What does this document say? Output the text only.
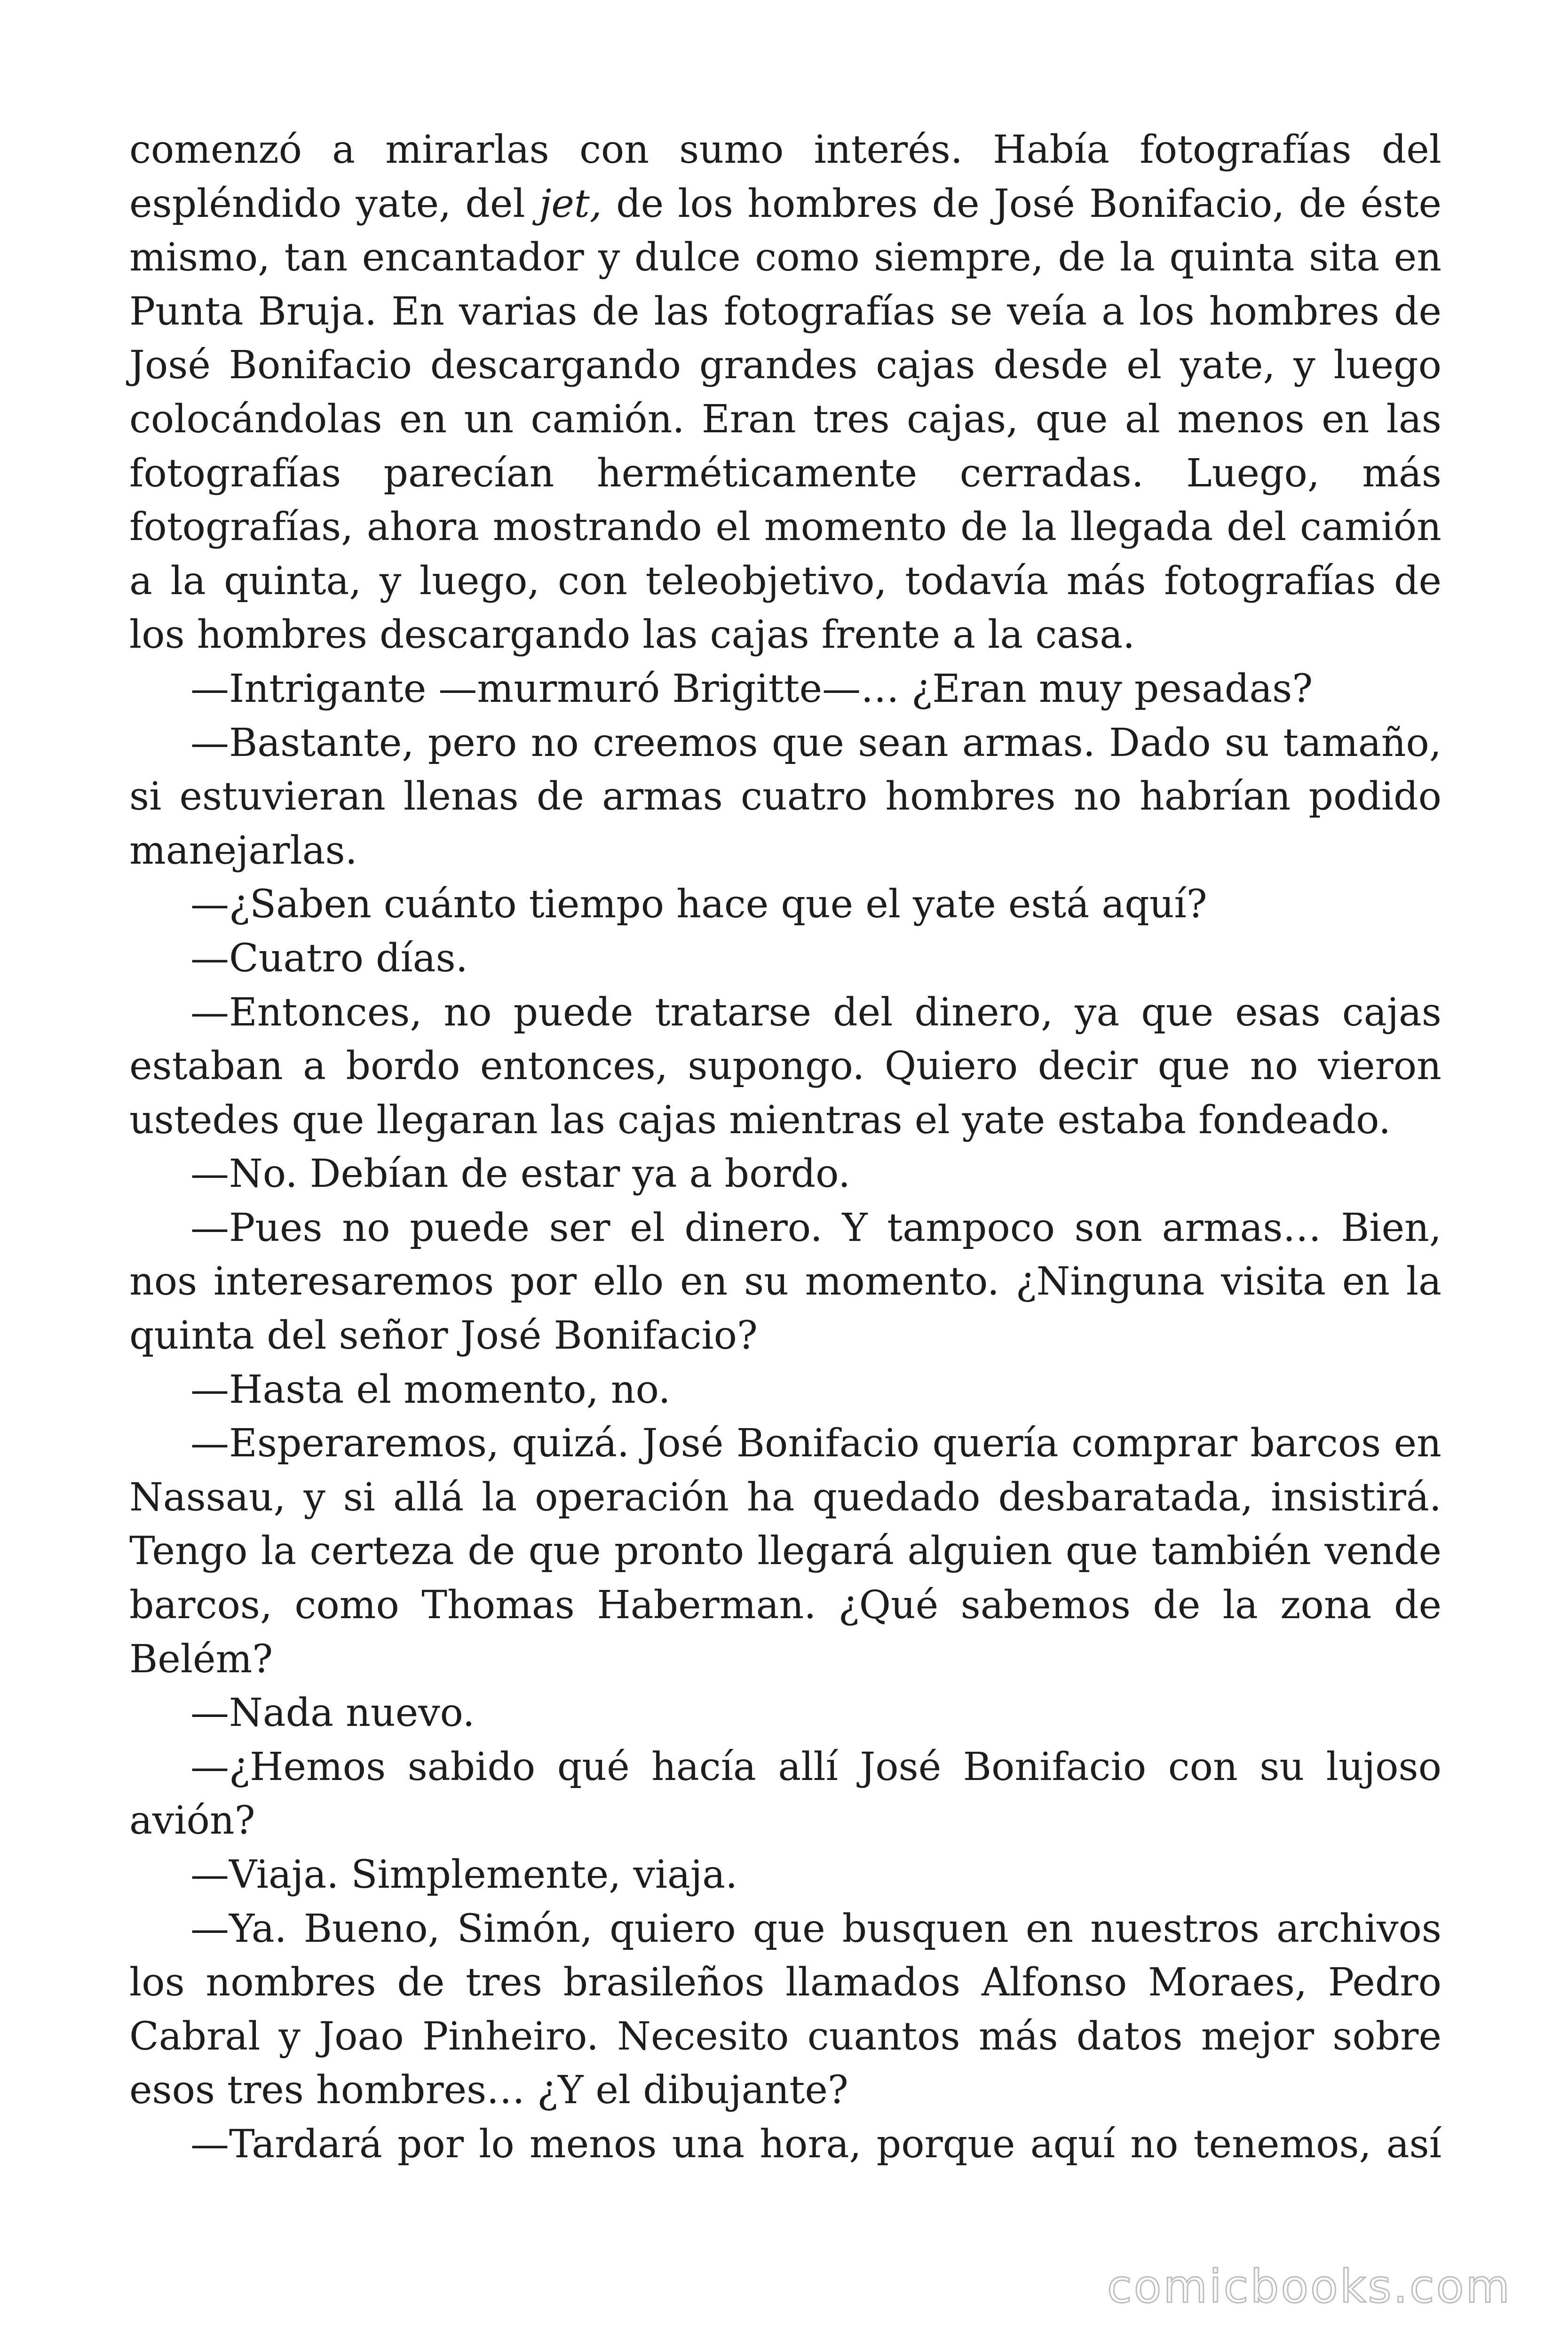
comenzó a mirarlas con sumo interés. Había fotografías del espléndido yate, del jet, de los hombres de José Bonifacio, de éste mismo, tan encantador y dulce como siempre, de la quinta sita en Punta Bruja. En varias de las fotografías se veía a los hombres de José Bonifacio descargando grandes cajas desde el yate, y luego colocándolas en un camión. Eran tres cajas, que al menos en las fotografías parecían herméticamente cerradas. Luego, más fotografías, ahora mostrando el momento de la llegada del camión a la quinta, y luego, con teleobjetivo, todavía más fotografías de los hombres descargando las cajas frente a la casa.

—Intrigante —murmuró Brigitte—… ¿Eran muy pesadas?

—Bastante, pero no creemos que sean armas. Dado su tamaño, si estuvieran llenas de armas cuatro hombres no habrían podido manejarlas.

—¿Saben cuánto tiempo hace que el yate está aquí?

—Cuatro días.

—Entonces, no puede tratarse del dinero, ya que esas cajas estaban a bordo entonces, supongo. Quiero decir que no vieron ustedes que llegaran las cajas mientras el yate estaba fondeado.

—No. Debían de estar ya a bordo.

—Pues no puede ser el dinero. Y tampoco son armas… Bien, nos interesaremos por ello en su momento. ¿Ninguna visita en la quinta del señor José Bonifacio?

—Hasta el momento, no.

—Esperaremos, quizá. José Bonifacio quería comprar barcos en Nassau, y si allá la operación ha quedado desbaratada, insistirá. Tengo la certeza de que pronto llegará alguien que también vende barcos, como Thomas Haberman. ¿Qué sabemos de la zona de Belém?

—Nada nuevo.

—¿Hemos sabido qué hacía allí José Bonifacio con su lujoso avión?

—Viaja. Simplemente, viaja.

—Ya. Bueno, Simón, quiero que busquen en nuestros archivos los nombres de tres brasileños llamados Alfonso Moraes, Pedro Cabral y Joao Pinheiro. Necesito cuantos más datos mejor sobre esos tres hombres… ¿Y el dibujante?

—Tardará por lo menos una hora, porque aquí no tenemos, así

comicbooks.com
